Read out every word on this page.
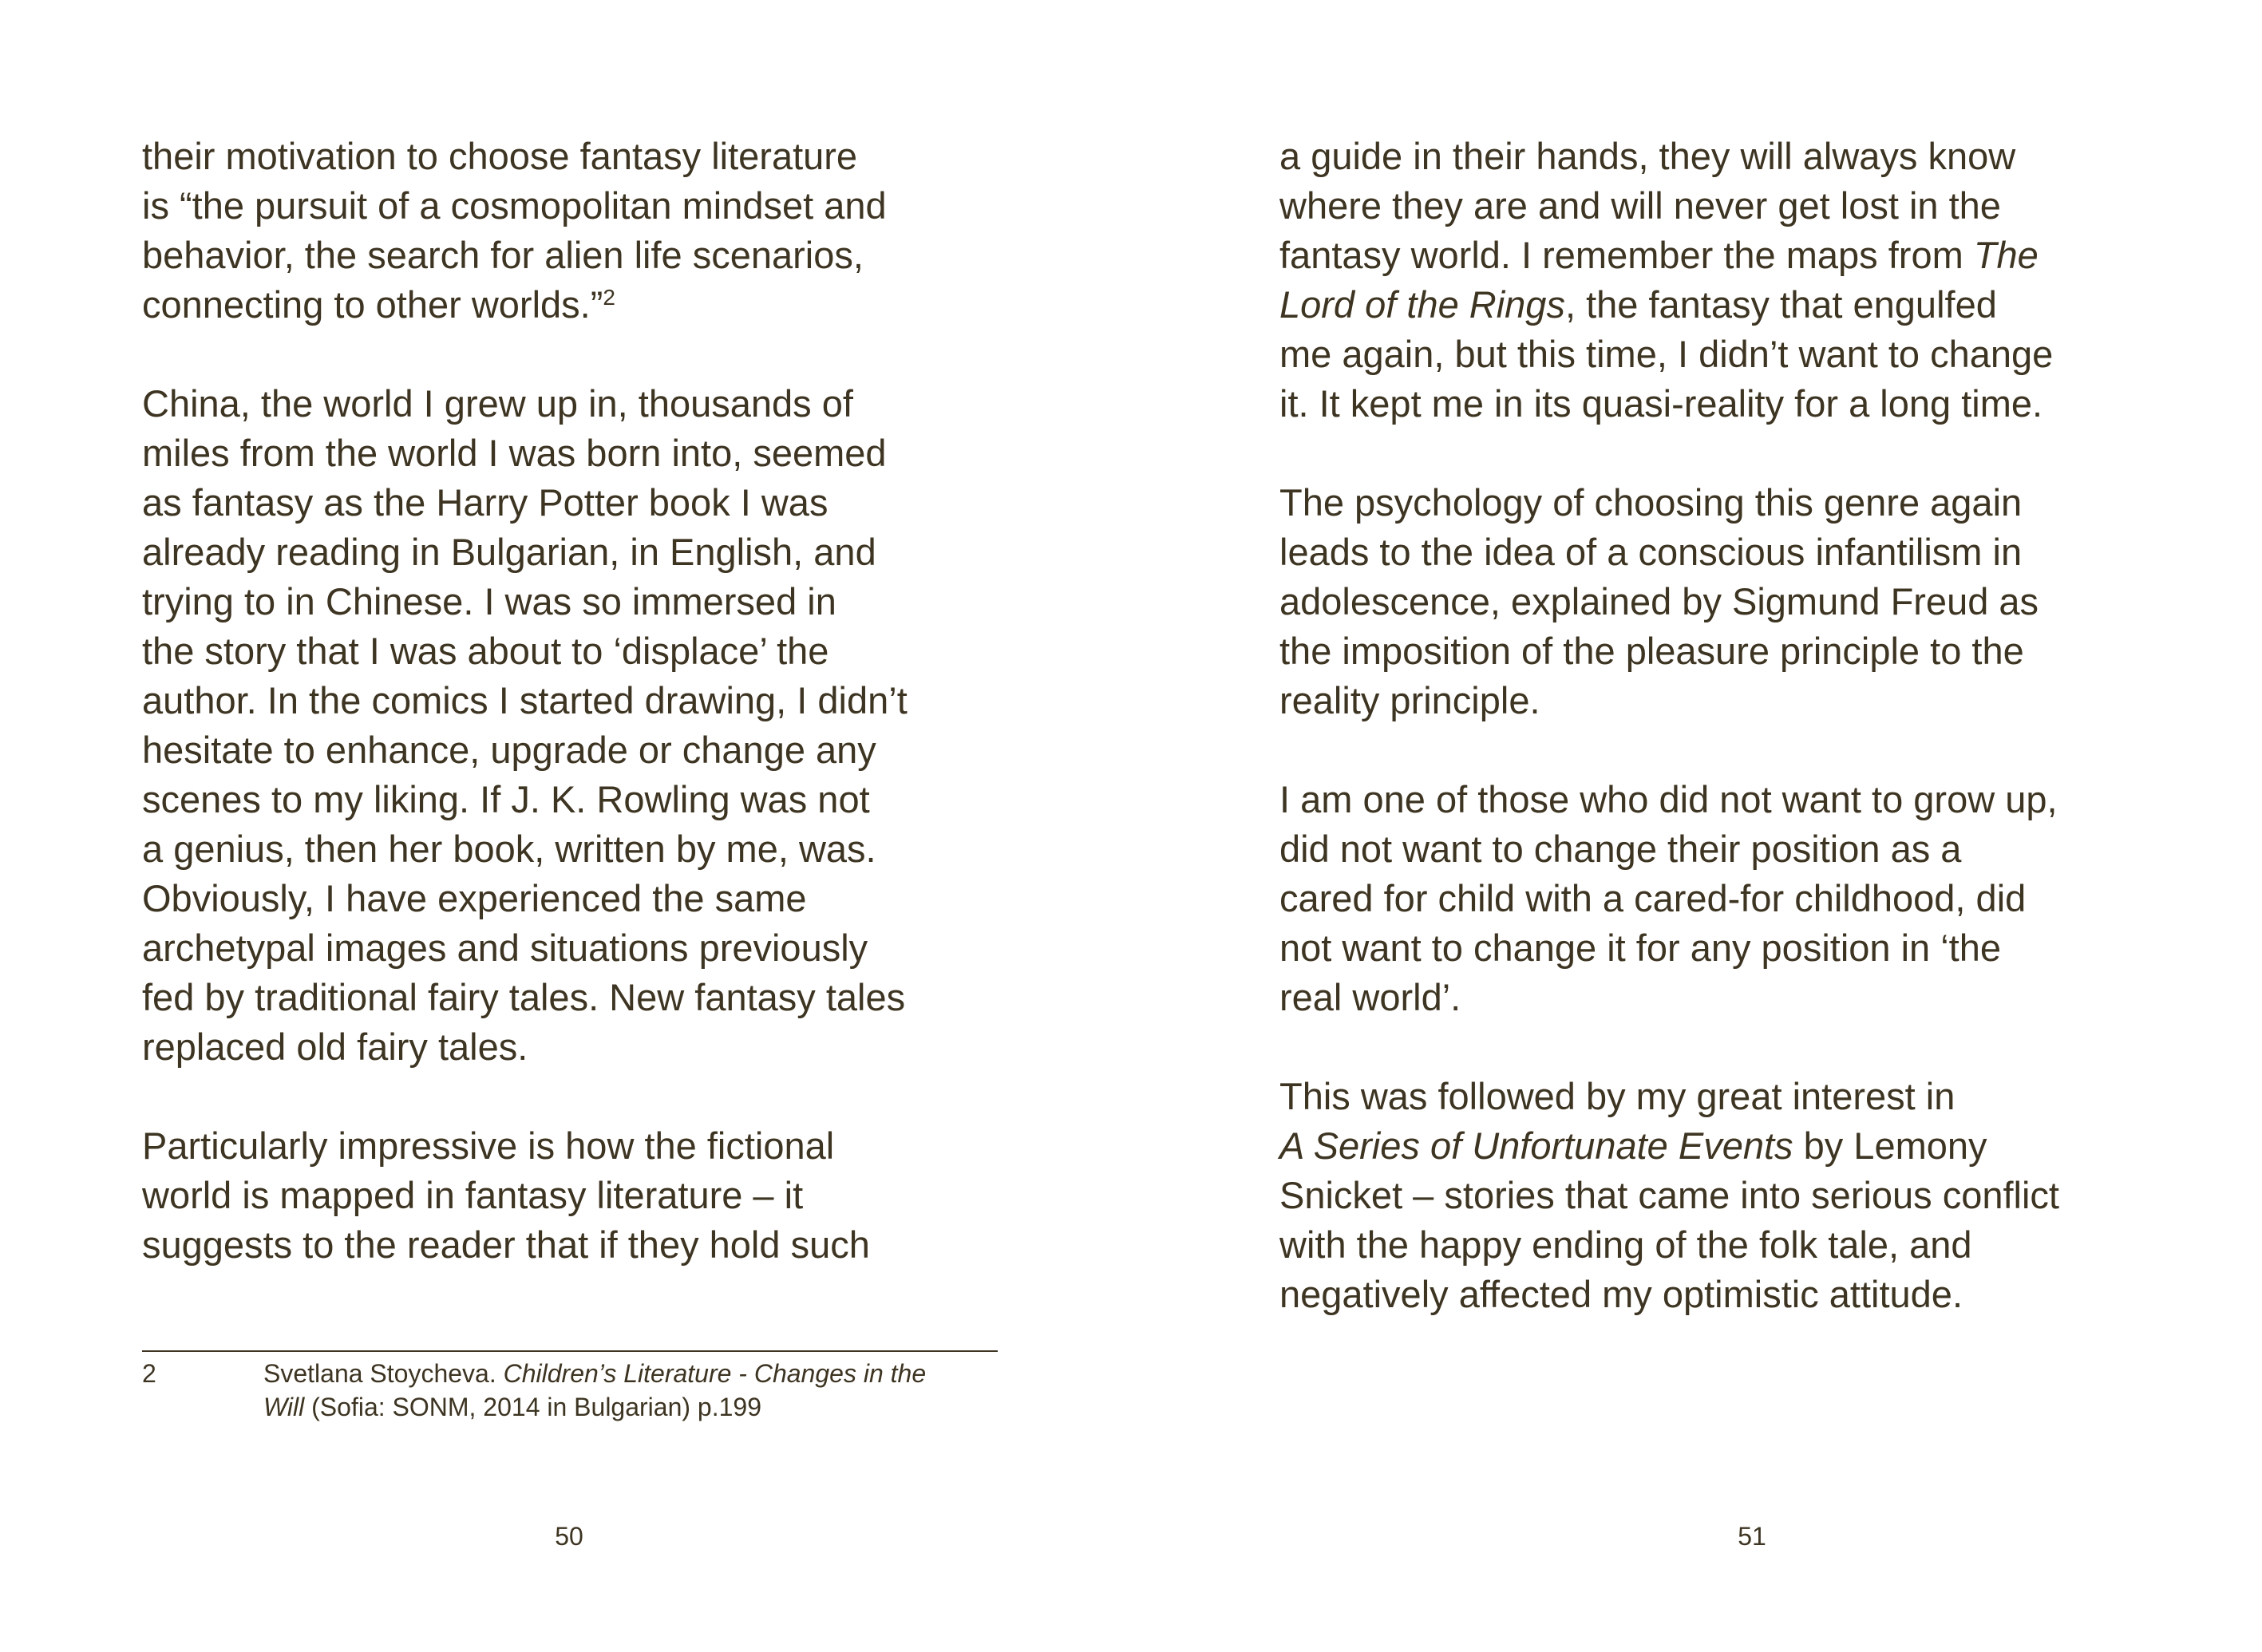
their motivation to choose fantasy literature
is “the pursuit of a cosmopolitan mindset and
behavior, the search for alien life scenarios,
connecting to other worlds.”$^2$
China, the world I grew up in, thousands of
miles from the world I was born into, seemed
as fantasy as the Harry Potter book I was
already reading in Bulgarian, in English, and
trying to in Chinese. I was so immersed in
the story that I was about to ‘displace’ the
author. In the comics I started drawing, I didn’t
hesitate to enhance, upgrade or change any
scenes to my liking. If J. K. Rowling was not
a genius, then her book, written by me, was.
Obviously, I have experienced the same
archetypal images and situations previously
fed by traditional fairy tales. New fantasy tales
replaced old fairy tales.
Particularly impressive is how the fictional
world is mapped in fantasy literature – it
suggests to the reader that if they hold such
2	Svetlana Stoycheva. Children’s Literature - Changes in the
Will (Sofia: SONM, 2014 in Bulgarian) p.199
50
a guide in their hands, they will always know
where they are and will never get lost in the
fantasy world. I remember the maps from The
Lord of the Rings, the fantasy that engulfed
me again, but this time, I didn’t want to change
it. It kept me in its quasi-reality for a long time.
The psychology of choosing this genre again
leads to the idea of a conscious infantilism in
adolescence, explained by Sigmund Freud as
the imposition of the pleasure principle to the
reality principle.
I am one of those who did not want to grow up,
did not want to change their position as a
cared for child with a cared-for childhood, did
not want to change it for any position in ‘the
real world’.
This was followed by my great interest in
A Series of Unfortunate Events by Lemony
Snicket – stories that came into serious conflict
with the happy ending of the folk tale, and
negatively affected my optimistic attitude.
51
